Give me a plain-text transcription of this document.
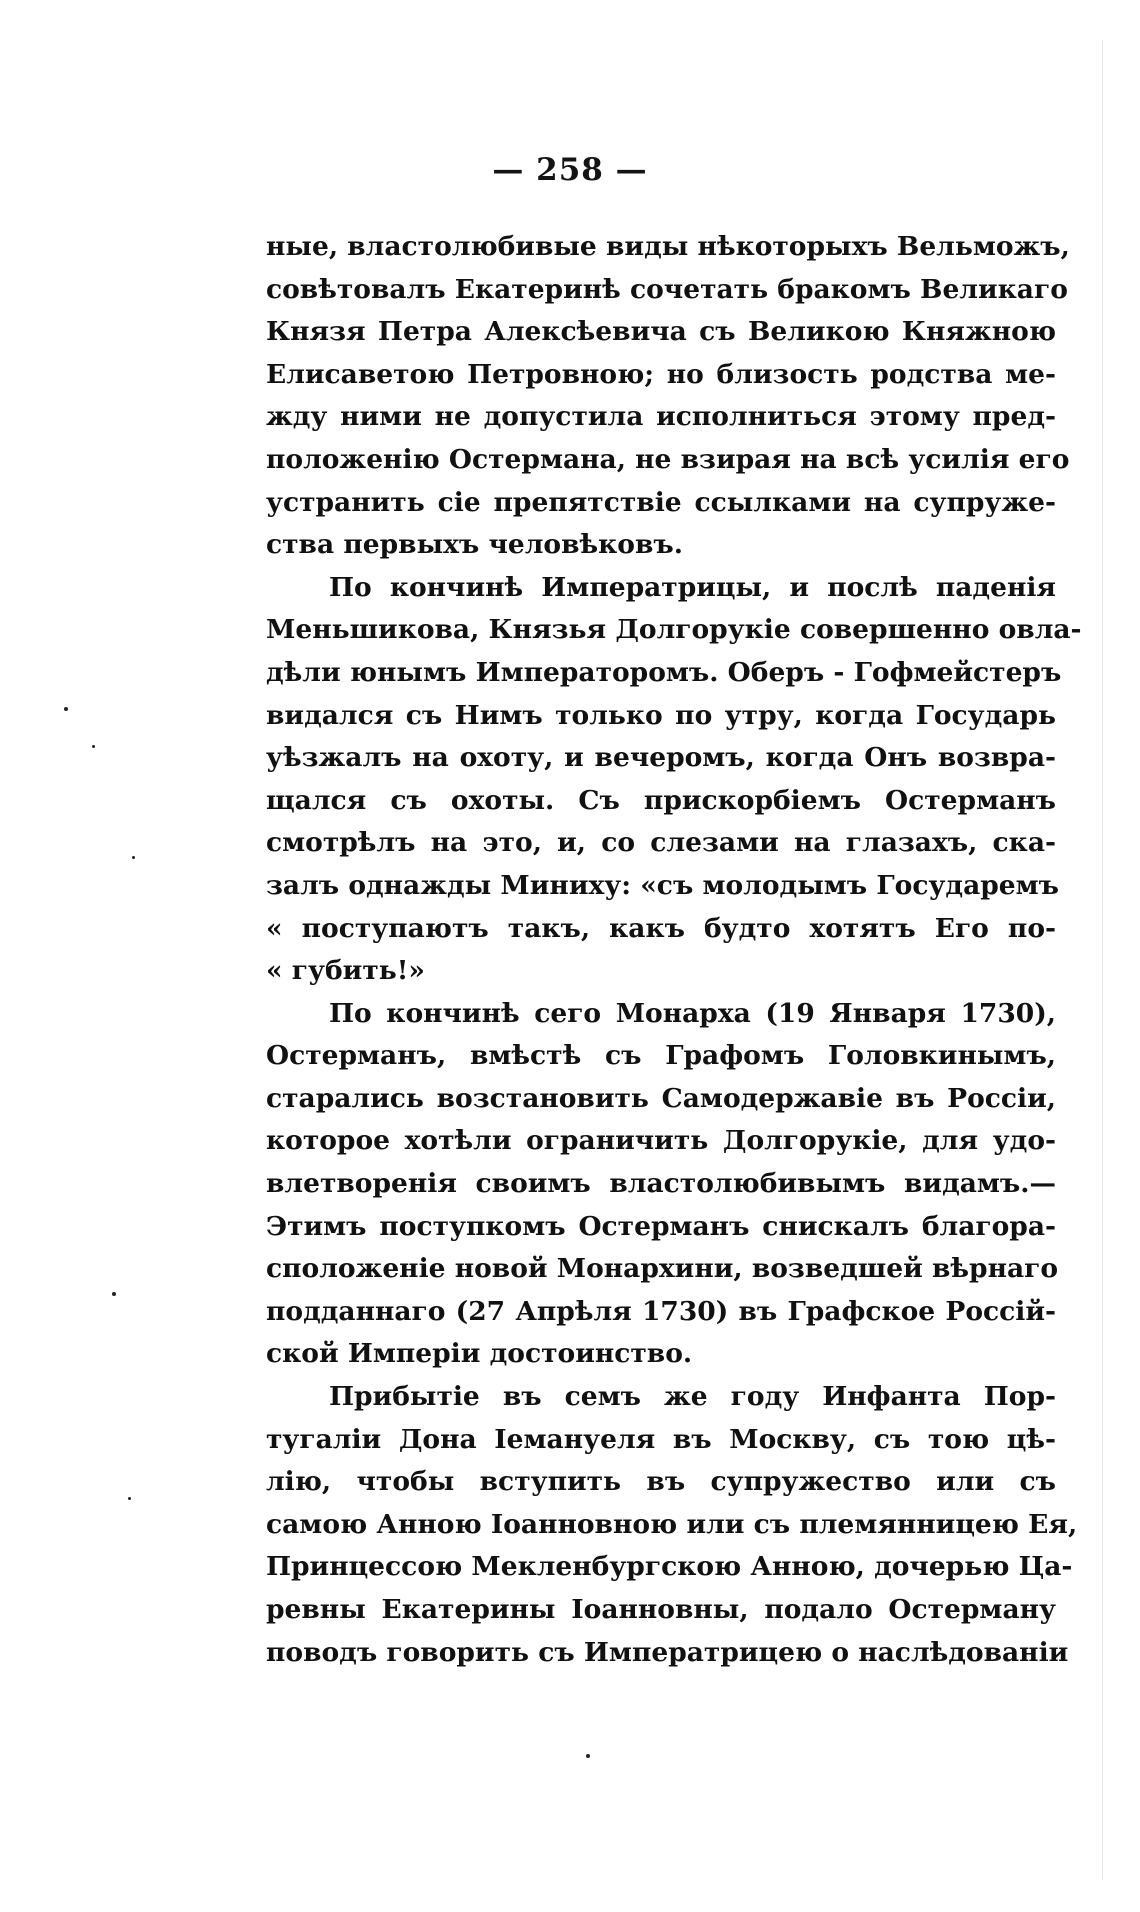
— 258 —
ные, властолюбивые виды нѣкоторыхъ Вельможъ,
совѣтовалъ Екатеринѣ сочетать бракомъ Великаго
Князя Петра Алексѣевича съ Великою Княжною
Елисаветою Петровною; но близость родства ме-
жду ними не допустила исполниться этому пред-
положенію Остермана, не взирая на всѣ усилія его
устранить сіе препятствіе ссылками на супруже-
ства первыхъ человѣковъ.
По кончинѣ Императрицы, и послѣ паденія
Меньшикова, Князья Долгорукіе совершенно овла-
дѣли юнымъ Императоромъ. Оберъ - Гофмейстеръ
видался съ Нимъ только по утру, когда Государь
уѣзжалъ на охоту, и вечеромъ, когда Онъ возвра-
щался съ охоты. Съ прискорбіемъ Остерманъ
смотрѣлъ на это, и, со слезами на глазахъ, ска-
залъ однажды Миниху: «съ молодымъ Государемъ
« поступаютъ такъ, какъ будто хотятъ Его по-
« губить!»
По кончинѣ сего Монарха (19 Января 1730),
Остерманъ, вмѣстѣ съ Графомъ Головкинымъ,
старались возстановить Самодержавіе въ Россіи,
которое хотѣли ограничить Долгорукіе, для удо-
влетворенія своимъ властолюбивымъ видамъ.—
Этимъ поступкомъ Остерманъ снискалъ благора-
сположеніе новой Монархини, возведшей вѣрнаго
подданнаго (27 Апрѣля 1730) въ Графское Россій-
ской Имперіи достоинство.
Прибытіе въ семъ же году Инфанта Пор-
тугаліи Дона Іемануеля въ Москву, съ тою цѣ-
лію, чтобы вступить въ супружество или съ
самою Анною Іоанновною или съ племянницею Ея,
Принцессою Мекленбургскою Анною, дочерью Ца-
ревны Екатерины Іоанновны, подало Остерману
поводъ говорить съ Императрицею о наслѣдованіи
